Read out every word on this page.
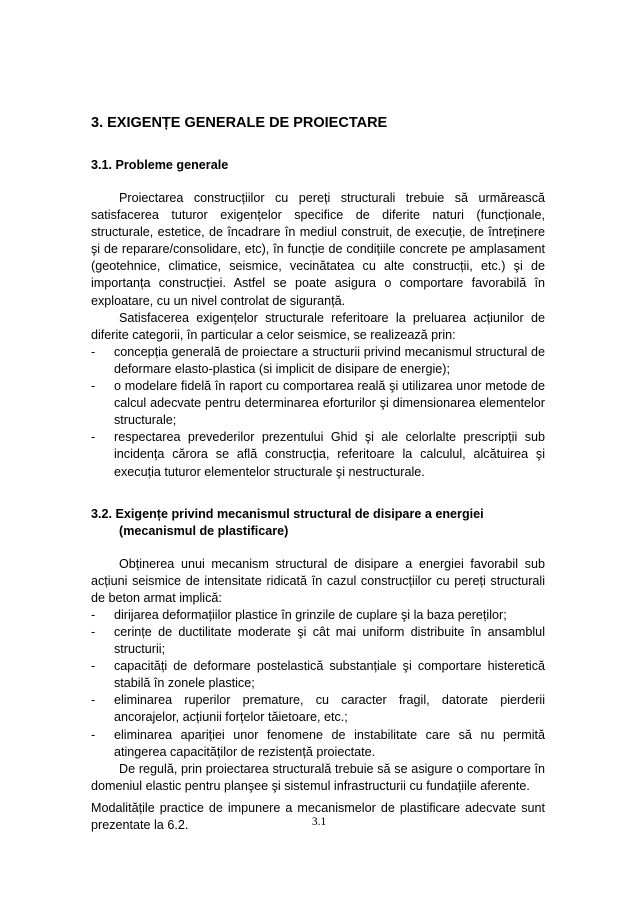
3. EXIGENȚE GENERALE DE PROIECTARE
3.1. Probleme generale

Proiectarea construcțiilor cu pereți structurali trebuie să urmărească satisfacerea tuturor exigențelor specifice de diferite naturi (funcționale, structurale, estetice, de încadrare în mediul construit, de execuție, de întreținere şi de reparare/consolidare, etc), în funcție de condițiile concrete pe amplasament (geotehnice, climatice, seismice, vecinătatea cu alte construcții, etc.) şi de importanța construcției. Astfel se poate asigura o comportare favorabilă în exploatare, cu un nivel controlat de siguranță.

Satisfacerea exigențelor structurale referitoare la preluarea acțiunilor de diferite categorii, în particular a celor seismice, se realizează prin:

- concepția generală de proiectare a structurii privind mecanismul structural de deformare elasto-plastica (si implicit de disipare de energie);
- o modelare fidelă în raport cu comportarea reală şi utilizarea unor metode de calcul adecvate pentru determinarea eforturilor şi dimensionarea elementelor structurale;
- respectarea prevederilor prezentului Ghid şi ale celorlalte prescripții sub incidența cărora se află construcția, referitoare la calculul, alcătuirea şi execuția tuturor elementelor structurale şi nestructurale.
3.2. Exigențe privind mecanismul structural de disipare a energiei
(mecanismul de plastificare)

Obținerea unui mecanism structural de disipare a energiei favorabil sub acțiuni seismice de intensitate ridicată în cazul construcțiilor cu pereți structurali de beton armat implică:

- dirijarea deformațiilor plastice în grinzile de cuplare şi la baza pereților;
- cerințe de ductilitate moderate şi cât mai uniform distribuite în ansamblul structurii;
- capacități de deformare postelastică substanțiale şi comportare histeretică stabilă în zonele plastice;
- eliminarea ruperilor premature, cu caracter fragil, datorate pierderii ancorajelor, acțiunii forțelor tăietoare, etc.;
- eliminarea apariției unor fenomene de instabilitate care să nu permită atingerea capacităților de rezistență proiectate.

De regulă, prin proiectarea structurală trebuie să se asigure o comportare în domeniul elastic pentru planşee şi sistemul infrastructurii cu fundațiile aferente.

Modalitățile practice de impunere a mecanismelor de plastificare adecvate sunt prezentate la 6.2.	3.1
